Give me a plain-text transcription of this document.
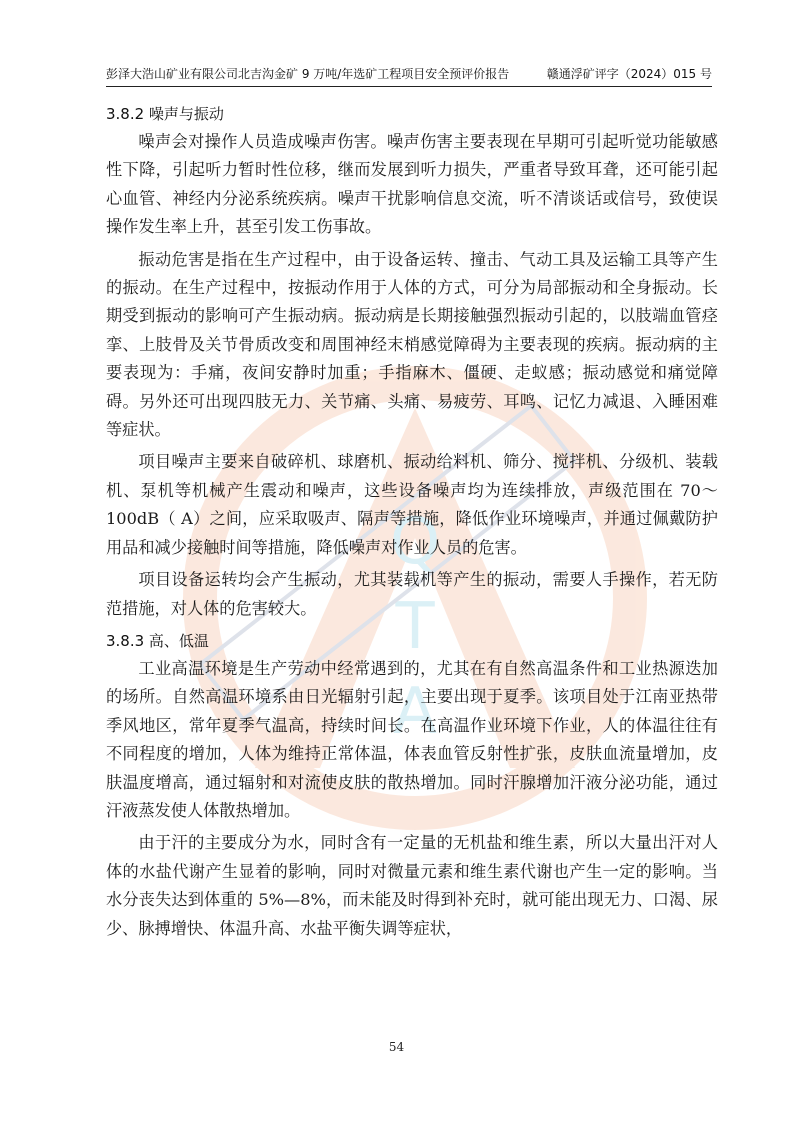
彭泽大浩山矿业有限公司北吉沟金矿 9 万吨/年选矿工程项目安全预评价报告	赣通浮矿评字（2024）015 号
Q
T
A
3.8.2 噪声与振动

噪声会对操作人员造成噪声伤害。噪声伤害主要表现在早期可引起听觉功能敏感性下降，引起听力暂时性位移，继而发展到听力损失，严重者导致耳聋，还可能引起心血管、神经内分泌系统疾病。噪声干扰影响信息交流，听不清谈话或信号，致使误操作发生率上升，甚至引发工伤事故。

振动危害是指在生产过程中，由于设备运转、撞击、气动工具及运输工具等产生的振动。在生产过程中，按振动作用于人体的方式，可分为局部振动和全身振动。长期受到振动的影响可产生振动病。振动病是长期接触强烈振动引起的，以肢端血管痉挛、上肢骨及关节骨质改变和周围神经末梢感觉障碍为主要表现的疾病。振动病的主要表现为：手痛，夜间安静时加重；手指麻木、僵硬、走蚁感；振动感觉和痛觉障碍。另外还可出现四肢无力、关节痛、头痛、易疲劳、耳鸣、记忆力减退、入睡困难等症状。

项目噪声主要来自破碎机、球磨机、振动给料机、筛分、搅拌机、分级机、装载机、泵机等机械产生震动和噪声，这些设备噪声均为连续排放，声级范围在 70～100dB（ A）之间，应采取吸声、隔声等措施，降低作业环境噪声，并通过佩戴防护用品和减少接触时间等措施，降低噪声对作业人员的危害。

项目设备运转均会产生振动，尤其装载机等产生的振动，需要人手操作，若无防范措施，对人体的危害较大。

3.8.3 高、低温

工业高温环境是生产劳动中经常遇到的，尤其在有自然高温条件和工业热源迭加的场所。自然高温环境系由日光辐射引起，主要出现于夏季。该项目处于江南亚热带季风地区，常年夏季气温高，持续时间长。在高温作业环境下作业，人的体温往往有不同程度的增加，人体为维持正常体温，体表血管反射性扩张，皮肤血流量增加，皮肤温度增高，通过辐射和对流使皮肤的散热增加。同时汗腺增加汗液分泌功能，通过汗液蒸发使人体散热增加。

由于汗的主要成分为水，同时含有一定量的无机盐和维生素，所以大量出汗对人体的水盐代谢产生显着的影响，同时对微量元素和维生素代谢也产生一定的影响。当水分丧失达到体重的 5%—8%，而未能及时得到补充时，就可能出现无力、口渴、尿少、脉搏增快、体温升高、水盐平衡失调等症状，

54
